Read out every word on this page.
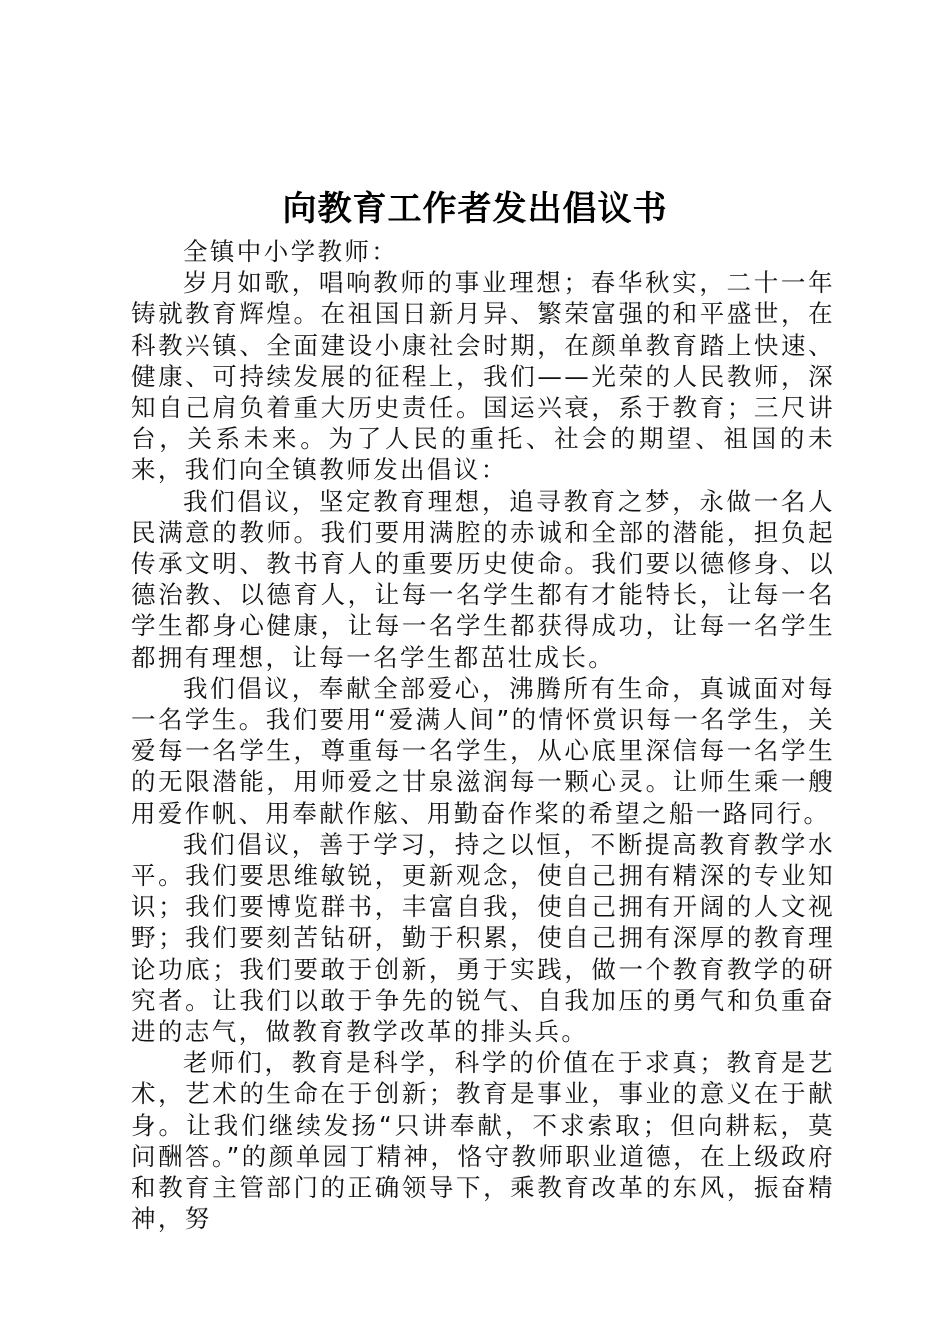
向教育工作者发出倡议书

全镇中小学教师：

岁月如歌，唱响教师的事业理想；春华秋实，二十一年铸就教育辉煌。在祖国日新月异、繁荣富强的和平盛世，在科教兴镇、全面建设小康社会时期，在颜单教育踏上快速、健康、可持续发展的征程上，我们——光荣的人民教师，深知自己肩负着重大历史责任。国运兴衰，系于教育；三尺讲台，关系未来。为了人民的重托、社会的期望、祖国的未来，我们向全镇教师发出倡议：

我们倡议，坚定教育理想，追寻教育之梦，永做一名人民满意的教师。我们要用满腔的赤诚和全部的潜能，担负起传承文明、教书育人的重要历史使命。我们要以德修身、以德治教、以德育人，让每一名学生都有才能特长，让每一名学生都身心健康，让每一名学生都获得成功，让每一名学生都拥有理想，让每一名学生都茁壮成长。

我们倡议，奉献全部爱心，沸腾所有生命，真诚面对每一名学生。我们要用“爱满人间”的情怀赏识每一名学生，关爱每一名学生，尊重每一名学生，从心底里深信每一名学生的无限潜能，用师爱之甘泉滋润每一颗心灵。让师生乘一艘用爱作帆、用奉献作舷、用勤奋作桨的希望之船一路同行。

我们倡议，善于学习，持之以恒，不断提高教育教学水平。我们要思维敏锐，更新观念，使自己拥有精深的专业知识；我们要博览群书，丰富自我，使自己拥有开阔的人文视野；我们要刻苦钻研，勤于积累，使自己拥有深厚的教育理论功底；我们要敢于创新，勇于实践，做一个教育教学的研究者。让我们以敢于争先的锐气、自我加压的勇气和负重奋进的志气，做教育教学改革的排头兵。

老师们，教育是科学，科学的价值在于求真；教育是艺术，艺术的生命在于创新；教育是事业，事业的意义在于献身。让我们继续发扬“只讲奉献，不求索取；但向耕耘，莫问酬答。”的颜单园丁精神，恪守教师职业道德，在上级政府和教育主管部门的正确领导下，乘教育改革的东风，振奋精神，努
